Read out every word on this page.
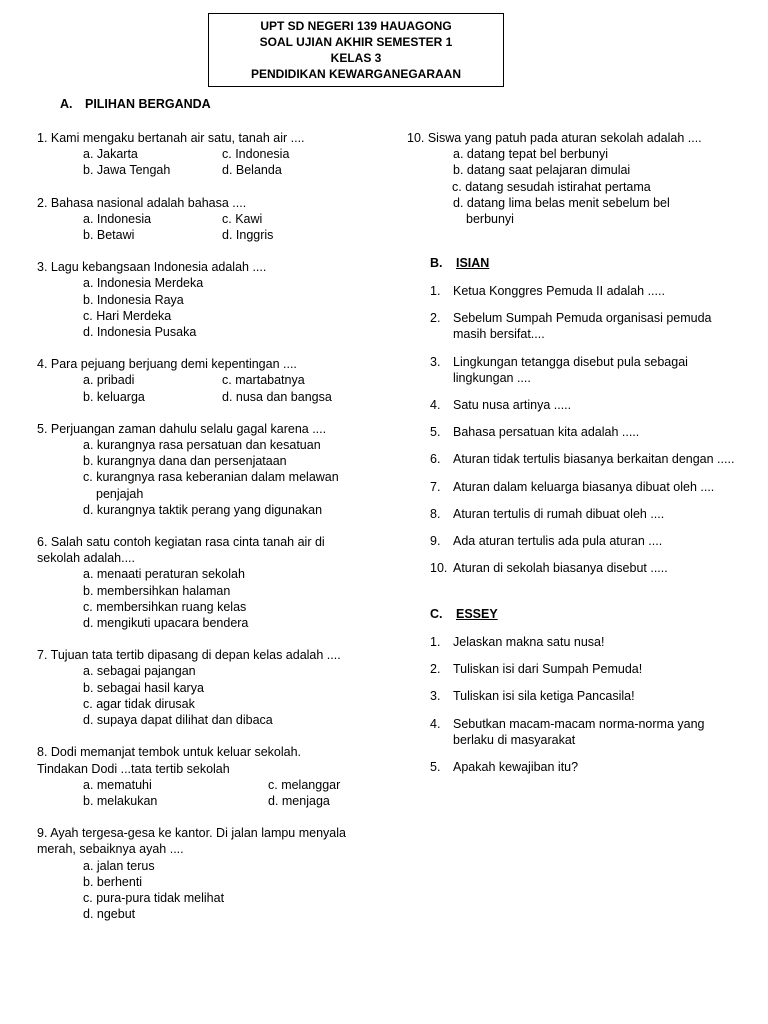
UPT SD NEGERI 139 HAUAGONG
SOAL UJIAN AKHIR SEMESTER 1
KELAS 3
PENDIDIKAN KEWARGANEGARAAN
A. PILIHAN BERGANDA
1. Kami mengaku bertanah air satu, tanah air ....
a. Jakarta	c. Indonesia
b. Jawa Tengah	d. Belanda
2. Bahasa nasional adalah bahasa ....
a. Indonesia	c. Kawi
b. Betawi	d. Inggris
3. Lagu kebangsaan Indonesia adalah ....
a. Indonesia Merdeka
b. Indonesia Raya
c. Hari Merdeka
d. Indonesia Pusaka
4. Para pejuang berjuang demi kepentingan ....
a. pribadi	c. martabatnya
b. keluarga	d. nusa dan bangsa
5. Perjuangan zaman dahulu selalu gagal karena ....
a. kurangnya rasa persatuan dan kesatuan
b. kurangnya dana dan persenjataan
c. kurangnya rasa keberanian dalam melawan penjajah
d. kurangnya taktik perang yang digunakan
6. Salah satu contoh kegiatan rasa cinta tanah air di sekolah adalah....
a. menaati peraturan sekolah
b. membersihkan halaman
c. membersihkan ruang kelas
d. mengikuti upacara bendera
7. Tujuan tata tertib dipasang di depan kelas adalah ....
a. sebagai pajangan
b. sebagai hasil karya
c. agar tidak dirusak
d. supaya dapat dilihat dan dibaca
8. Dodi memanjat tembok untuk keluar sekolah. Tindakan Dodi ...tata tertib sekolah
a. mematuhi	c. melanggar
b. melakukan	d. menjaga
9. Ayah tergesa-gesa ke kantor. Di jalan lampu menyala merah, sebaiknya ayah ....
a. jalan terus
b. berhenti
c. pura-pura tidak melihat
d. ngebut
10. Siswa yang patuh pada aturan sekolah adalah ....
a. datang tepat bel berbunyi
b. datang saat pelajaran dimulai
c. datang sesudah istirahat pertama
d. datang lima belas menit sebelum bel berbunyi
B. ISIAN
1. Ketua Konggres Pemuda II adalah .....
2. Sebelum Sumpah Pemuda organisasi pemuda masih bersifat....
3. Lingkungan tetangga disebut pula sebagai lingkungan ....
4. Satu nusa artinya .....
5. Bahasa persatuan kita adalah .....
6. Aturan tidak tertulis biasanya berkaitan dengan .....
7. Aturan dalam keluarga biasanya dibuat oleh ....
8. Aturan tertulis di rumah dibuat oleh ....
9. Ada aturan tertulis ada pula aturan ....
10. Aturan di sekolah biasanya disebut .....
C. ESSEY
1. Jelaskan makna satu nusa!
2. Tuliskan isi dari Sumpah Pemuda!
3. Tuliskan isi sila ketiga Pancasila!
4. Sebutkan macam-macam norma-norma yang berlaku di masyarakat
5. Apakah kewajiban itu?
